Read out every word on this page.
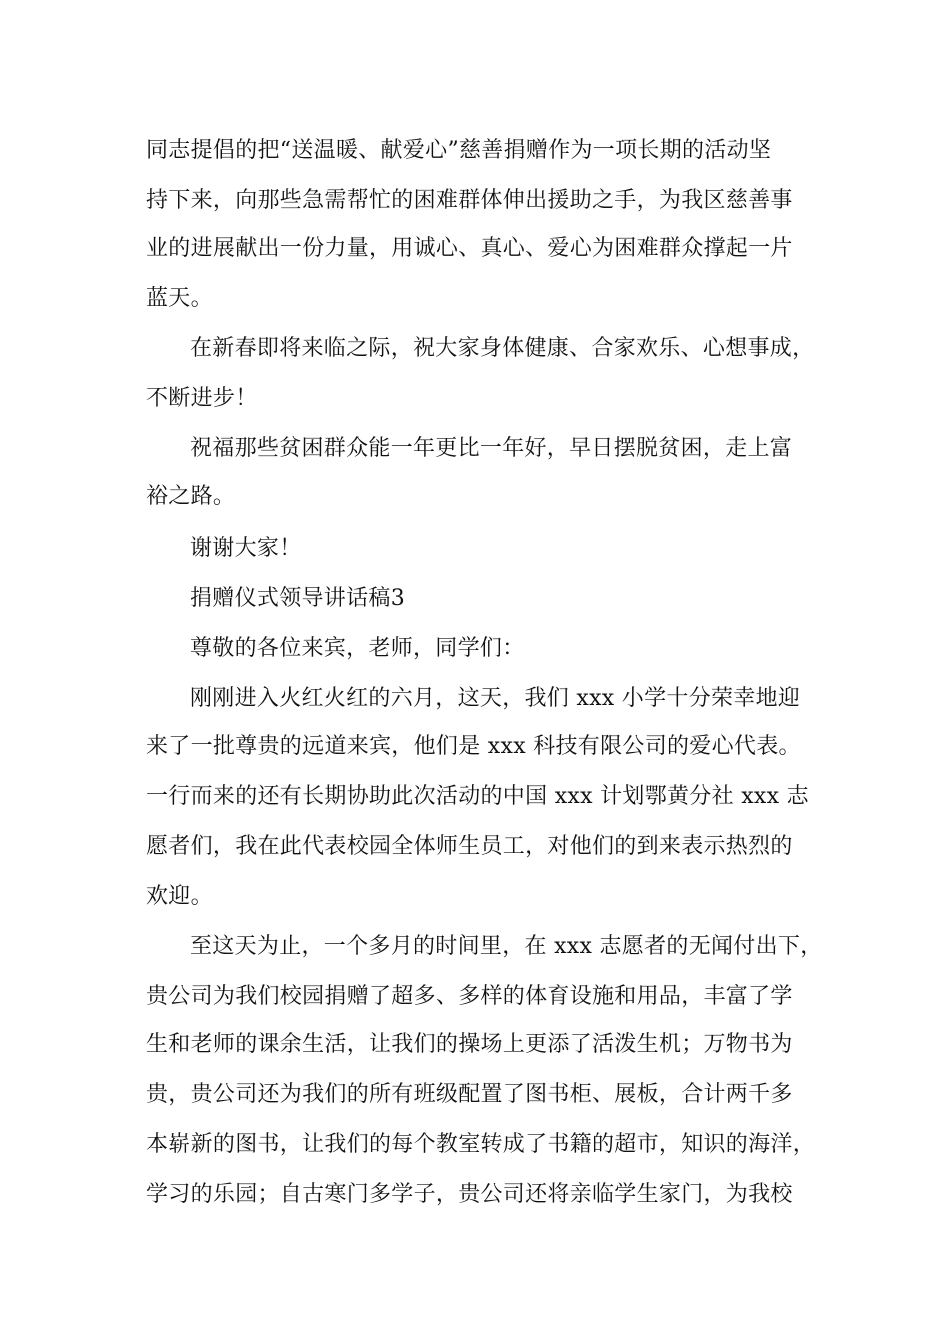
同志提倡的把“送温暖、献爱心”慈善捐赠作为一项长期的活动坚
持下来，向那些急需帮忙的困难群体伸出援助之手，为我区慈善事
业的进展献出一份力量，用诚心、真心、爱心为困难群众撑起一片
蓝天。
在新春即将来临之际，祝大家身体健康、合家欢乐、心想事成，
不断进步！
祝福那些贫困群众能一年更比一年好，早日摆脱贫困，走上富
裕之路。
谢谢大家！
捐赠仪式领导讲话稿3
尊敬的各位来宾，老师，同学们：
刚刚进入火红火红的六月，这天，我们 xxx 小学十分荣幸地迎
来了一批尊贵的远道来宾，他们是 xxx 科技有限公司的爱心代表。
一行而来的还有长期协助此次活动的中国 xxx 计划鄂黄分社 xxx 志
愿者们，我在此代表校园全体师生员工，对他们的到来表示热烈的
欢迎。
至这天为止，一个多月的时间里，在 xxx 志愿者的无闻付出下，
贵公司为我们校园捐赠了超多、多样的体育设施和用品，丰富了学
生和老师的课余生活，让我们的操场上更添了活泼生机；万物书为
贵，贵公司还为我们的所有班级配置了图书柜、展板，合计两千多
本崭新的图书，让我们的每个教室转成了书籍的超市，知识的海洋，
学习的乐园；自古寒门多学子，贵公司还将亲临学生家门，为我校
